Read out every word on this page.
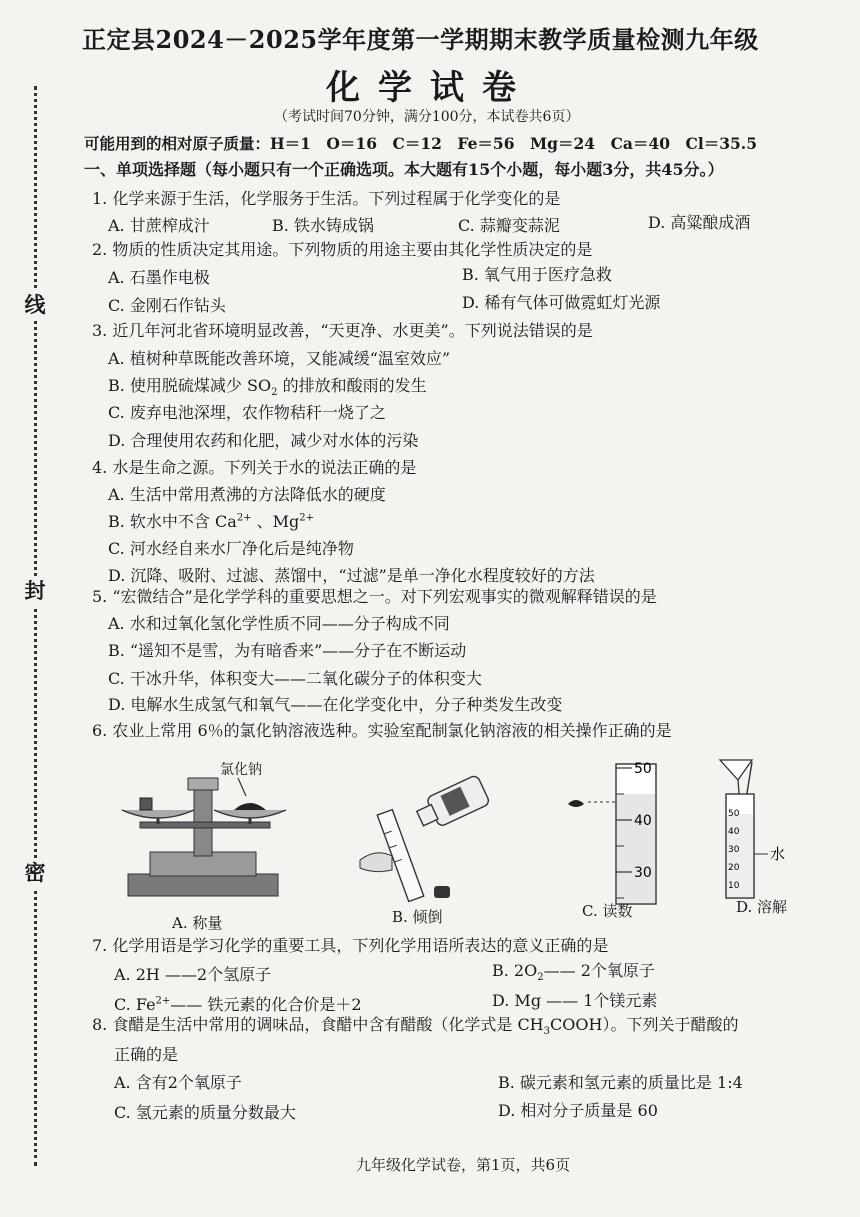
线
封
密
正定县2024－2025学年度第一学期期末教学质量检测九年级
化学试卷
（考试时间70分钟，满分100分，本试卷共6页）
可能用到的相对原子质量：H＝1　O＝16　C＝12　Fe＝56　Mg＝24　Ca＝40　Cl＝35.5
一、单项选择题（每小题只有一个正确选项。本大题有15个小题，每小题3分，共45分。）
1. 化学来源于生活，化学服务于生活。下列过程属于化学变化的是
A. 甘蔗榨成汁	B. 铁水铸成锅	C. 蒜瓣变蒜泥	D. 高粱酿成酒
2. 物质的性质决定其用途。下列物质的用途主要由其化学性质决定的是
A. 石墨作电极	B. 氧气用于医疗急救
C. 金刚石作钻头	D. 稀有气体可做霓虹灯光源
3. 近几年河北省环境明显改善，“天更净、水更美”。下列说法错误的是
A. 植树种草既能改善环境，又能减缓“温室效应”
B. 使用脱硫煤减少 $SO_2$ 的排放和酸雨的发生
C. 废弃电池深埋，农作物秸秆一烧了之
D. 合理使用农药和化肥，减少对水体的污染
4. 水是生命之源。下列关于水的说法正确的是
A. 生活中常用煮沸的方法降低水的硬度
B. 软水中不含 $Ca^{2+}$ 、$Mg^{2+}$
C. 河水经自来水厂净化后是纯净物
D. 沉降、吸附、过滤、蒸馏中，“过滤”是单一净化水程度较好的方法
5. “宏微结合”是化学学科的重要思想之一。对下列宏观事实的微观解释错误的是
A. 水和过氧化氢化学性质不同——分子构成不同
B. “遥知不是雪，为有暗香来”——分子在不断运动
C. 干冰升华，体积变大——二氧化碳分子的体积变大
D. 电解水生成氢气和氧气——在化学变化中，分子种类发生改变
6. 农业上常用 6％的氯化钠溶液选种。实验室配制氯化钠溶液的相关操作正确的是
氯化钠	50
40
30
50
40
30
20
10
水
A. 称量	B. 倾倒	C. 读数	D. 溶解
7. 化学用语是学习化学的重要工具，下列化学用语所表达的意义正确的是
A. 2H ——2个氢原子	B. $2O_2——$ 2个氧原子
C. $Fe^{2+}——$ 铁元素的化合价是＋2	D. Mg —— 1个镁元素
8. 食醋是生活中常用的调味品，食醋中含有醋酸（化学式是 $CH_3COOH$）。下列关于醋酸的
正确的是
A. 含有2个氧原子	B. 碳元素和氢元素的质量比是 1:4
C. 氢元素的质量分数最大	D. 相对分子质量是 60
九年级化学试卷，第1页，共6页
